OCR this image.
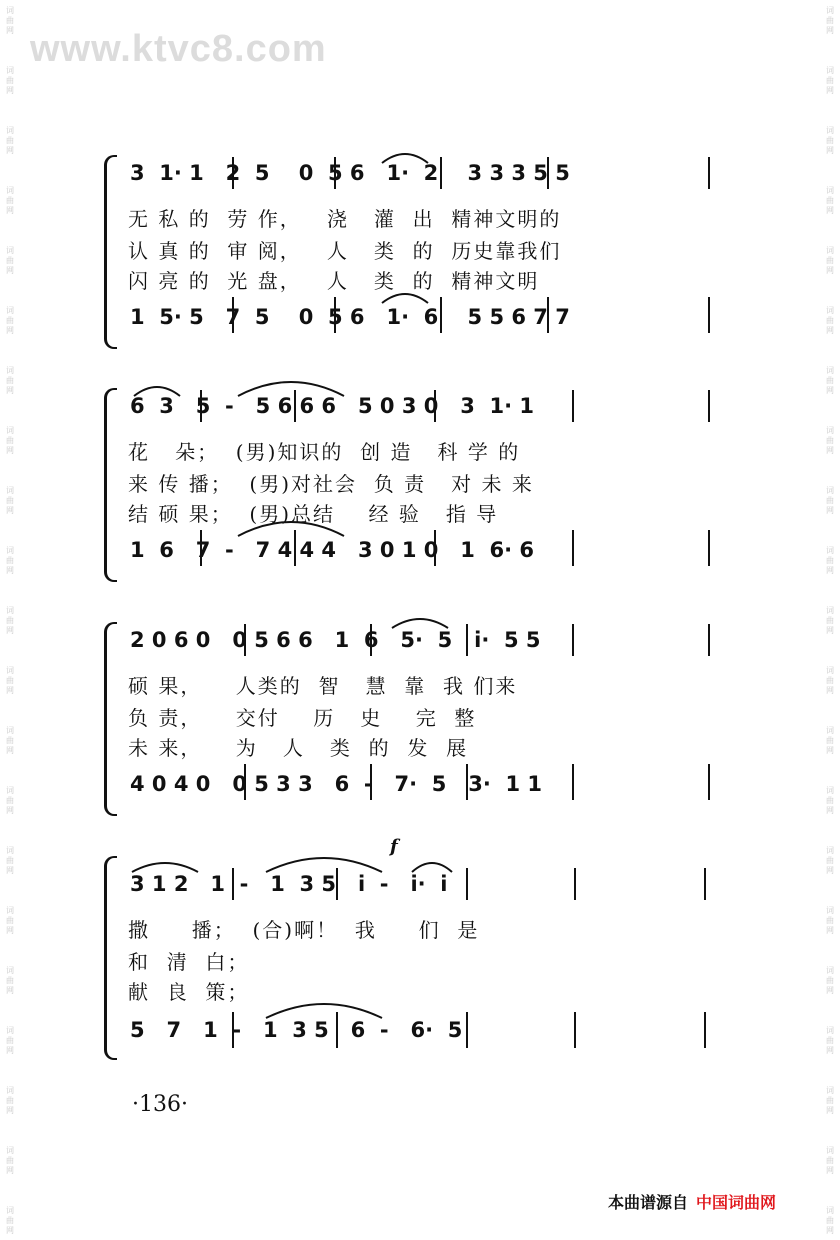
词
曲
网
词
曲
网
词
曲
网
词
曲
网
词
曲
网
词
曲
网
词
曲
网
词
曲
网
词
曲
网
词
曲
网
词
曲
网
词
曲
网
词
曲
网
词
曲
网
词
曲
网
词
曲
网
词
曲
网
词
曲
网
词
曲
网
词
曲
网
词
曲
网
词
曲
网
词
曲
网
词
曲
网
词
曲
网
词
曲
网
词
曲
网
词
曲
网
词
曲
网
词
曲
网
词
曲
网
词
曲
网
词
曲
网
词
曲
网
词
曲
网
词
曲
网
词
曲
网
词
曲
网
词
曲
网
词
曲
网
词
曲
网
词
曲
网
www.ktvc8.com
3  1· 1   2  5    0  5 6   1·  2    3 3 3 5 5
无 私 的  劳 作，   浇   灌  出  精神文明的
认 真 的  审 阅，   人   类  的  历史靠我们
闪 亮 的  光 盘，   人   类  的  精神文明
1  5· 5   7  5    0  5 6   1·  6    5 5 6 7 7
6  3   5  -   5 6 6 6   5 0 3 0   3  1· 1
花   朵；  (男)知识的  创 造   科 学 的
来 传 播；  (男)对社会  负 责   对 未 来
结 硕 果；  (男)总结    经 验   指 导
1  6   7  -   7 4 4 4   3 0 1 0   1  6· 6
2 0 6 0   0 5 6 6   1  6   5·  5   i·  5 5
硕 果，    人类的  智   慧  靠  我 们来
负 责，    交付    历   史    完  整
未 来，    为   人   类  的  发  展
4 0 4 0   0 5 3 3   6  -   7·  5   3·  1 1
f
3 1 2   1  -   1  3 5   i  -   i·  i
撒     播；  (合)啊！  我     们  是
和  清  白；
献  良  策；
5   7   1  -   1  3 5   6  -   6·  5
·136·
本曲谱源自 中国词曲网
